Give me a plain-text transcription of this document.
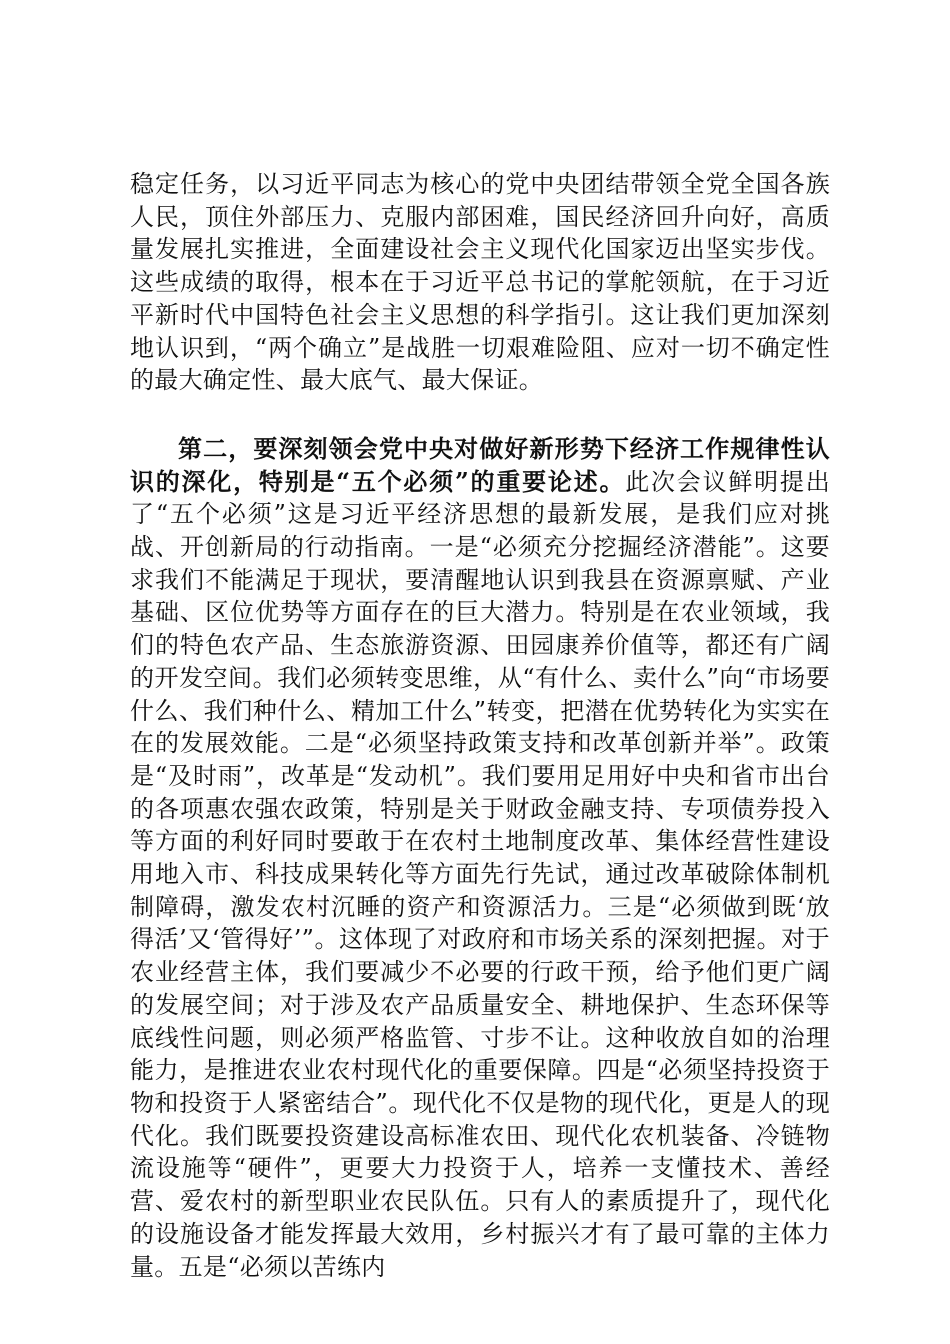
稳定任务，以习近平同志为核心的党中央团结带领全党全国各族人民，顶住外部压力、克服内部困难，国民经济回升向好，高质量发展扎实推进，全面建设社会主义现代化国家迈出坚实步伐。这些成绩的取得，根本在于习近平总书记的掌舵领航，在于习近平新时代中国特色社会主义思想的科学指引。这让我们更加深刻地认识到，“两个确立”是战胜一切艰难险阻、应对一切不确定性的最大确定性、最大底气、最大保证。

第二，要深刻领会党中央对做好新形势下经济工作规律性认识的深化，特别是“五个必须”的重要论述。此次会议鲜明提出了“五个必须”这是习近平经济思想的最新发展，是我们应对挑战、开创新局的行动指南。一是“必须充分挖掘经济潜能”。这要求我们不能满足于现状，要清醒地认识到我县在资源禀赋、产业基础、区位优势等方面存在的巨大潜力。特别是在农业领域，我们的特色农产品、生态旅游资源、田园康养价值等，都还有广阔的开发空间。我们必须转变思维，从“有什么、卖什么”向“市场要什么、我们种什么、精加工什么”转变，把潜在优势转化为实实在在的发展效能。二是“必须坚持政策支持和改革创新并举”。政策是“及时雨”，改革是“发动机”。我们要用足用好中央和省市出台的各项惠农强农政策，特别是关于财政金融支持、专项债券投入等方面的利好同时要敢于在农村土地制度改革、集体经营性建设用地入市、科技成果转化等方面先行先试，通过改革破除体制机制障碍，激发农村沉睡的资产和资源活力。三是“必须做到既‘放得活’又‘管得好’”。这体现了对政府和市场关系的深刻把握。对于农业经营主体，我们要减少不必要的行政干预，给予他们更广阔的发展空间；对于涉及农产品质量安全、耕地保护、生态环保等底线性问题，则必须严格监管、寸步不让。这种收放自如的治理能力，是推进农业农村现代化的重要保障。四是“必须坚持投资于物和投资于人紧密结合”。现代化不仅是物的现代化，更是人的现代化。我们既要投资建设高标准农田、现代化农机装备、冷链物流设施等“硬件”，更要大力投资于人，培养一支懂技术、善经营、爱农村的新型职业农民队伍。只有人的素质提升了，现代化的设施设备才能发挥最大效用，乡村振兴才有了最可靠的主体力量。五是“必须以苦练内
